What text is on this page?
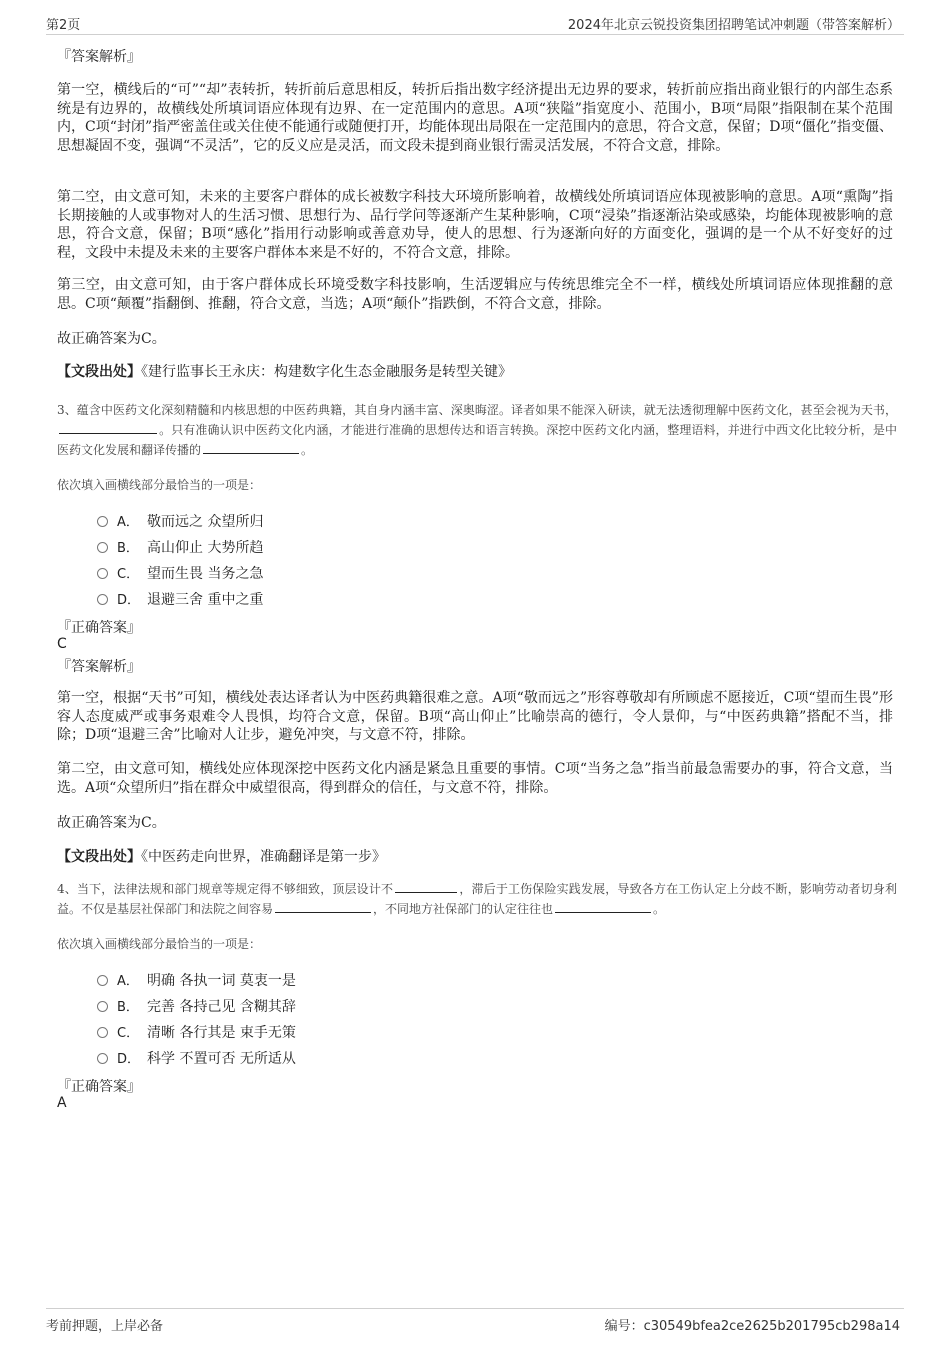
第2页	2024年北京云锐投资集团招聘笔试冲刺题（带答案解析）
『答案解析』
第一空，横线后的“可”“却”表转折，转折前后意思相反，转折后指出数字经济提出无边界的要求，转折前应指出商业银行的内部生态系统是有边界的，故横线处所填词语应体现有边界、在一定范围内的意思。A项“狭隘”指宽度小、范围小，B项“局限”指限制在某个范围内，C项“封闭”指严密盖住或关住使不能通行或随便打开，均能体现出局限在一定范围内的意思，符合文意，保留；D项“僵化”指变僵、思想凝固不变，强调“不灵活”，它的反义应是灵活，而文段未提到商业银行需灵活发展，不符合文意，排除。
第二空，由文意可知，未来的主要客户群体的成长被数字科技大环境所影响着，故横线处所填词语应体现被影响的意思。A项“熏陶”指长期接触的人或事物对人的生活习惯、思想行为、品行学问等逐渐产生某种影响，C项“浸染”指逐渐沾染或感染，均能体现被影响的意思，符合文意，保留；B项“感化”指用行动影响或善意劝导，使人的思想、行为逐渐向好的方面变化，强调的是一个从不好变好的过程，文段中未提及未来的主要客户群体本来是不好的，不符合文意，排除。
第三空，由文意可知，由于客户群体成长环境受数字科技影响，生活逻辑应与传统思维完全不一样，横线处所填词语应体现推翻的意思。C项“颠覆”指翻倒、推翻，符合文意，当选；A项“颠仆”指跌倒，不符合文意，排除。
故正确答案为C。
【文段出处】《建行监事长王永庆：构建数字化生态金融服务是转型关键》
3、蕴含中医药文化深刻精髓和内核思想的中医药典籍，其自身内涵丰富、深奥晦涩。译者如果不能深入研读，就无法透彻理解中医药文化，甚至会视为天书，。只有准确认识中医药文化内涵，才能进行准确的思想传达和语言转换。深挖中医药文化内涵，整理语料，并进行中西文化比较分析，是中医药文化发展和翻译传播的	。
依次填入画横线部分最恰当的一项是：
A． 敬而远之 众望所归
B． 高山仰止 大势所趋
C． 望而生畏 当务之急
D． 退避三舍 重中之重
『正确答案』
C
『答案解析』
第一空，根据“天书”可知，横线处表达译者认为中医药典籍很难之意。A项“敬而远之”形容尊敬却有所顾虑不愿接近，C项“望而生畏”形容人态度威严或事务艰难令人畏惧，均符合文意，保留。B项“高山仰止”比喻崇高的德行，令人景仰，与“中医药典籍”搭配不当，排除；D项“退避三舍”比喻对人让步，避免冲突，与文意不符，排除。
第二空，由文意可知，横线处应体现深挖中医药文化内涵是紧急且重要的事情。C项“当务之急”指当前最急需要办的事，符合文意，当选。A项“众望所归”指在群众中威望很高，得到群众的信任，与文意不符，排除。
故正确答案为C。
【文段出处】《中医药走向世界，准确翻译是第一步》
4、当下，法律法规和部门规章等规定得不够细致，顶层设计不	，滞后于工伤保险实践发展，导致各方在工伤认定上分歧不断，影响劳动者切身利益。不仅是基层社保部门和法院之间容易	，不同地方社保部门的认定往往也	。
依次填入画横线部分最恰当的一项是：
A． 明确 各执一词 莫衷一是
B． 完善 各持己见 含糊其辞
C． 清晰 各行其是 束手无策
D． 科学 不置可否 无所适从
『正确答案』
A
考前押题，上岸必备	编号：c30549bfea2ce2625b201795cb298a14
